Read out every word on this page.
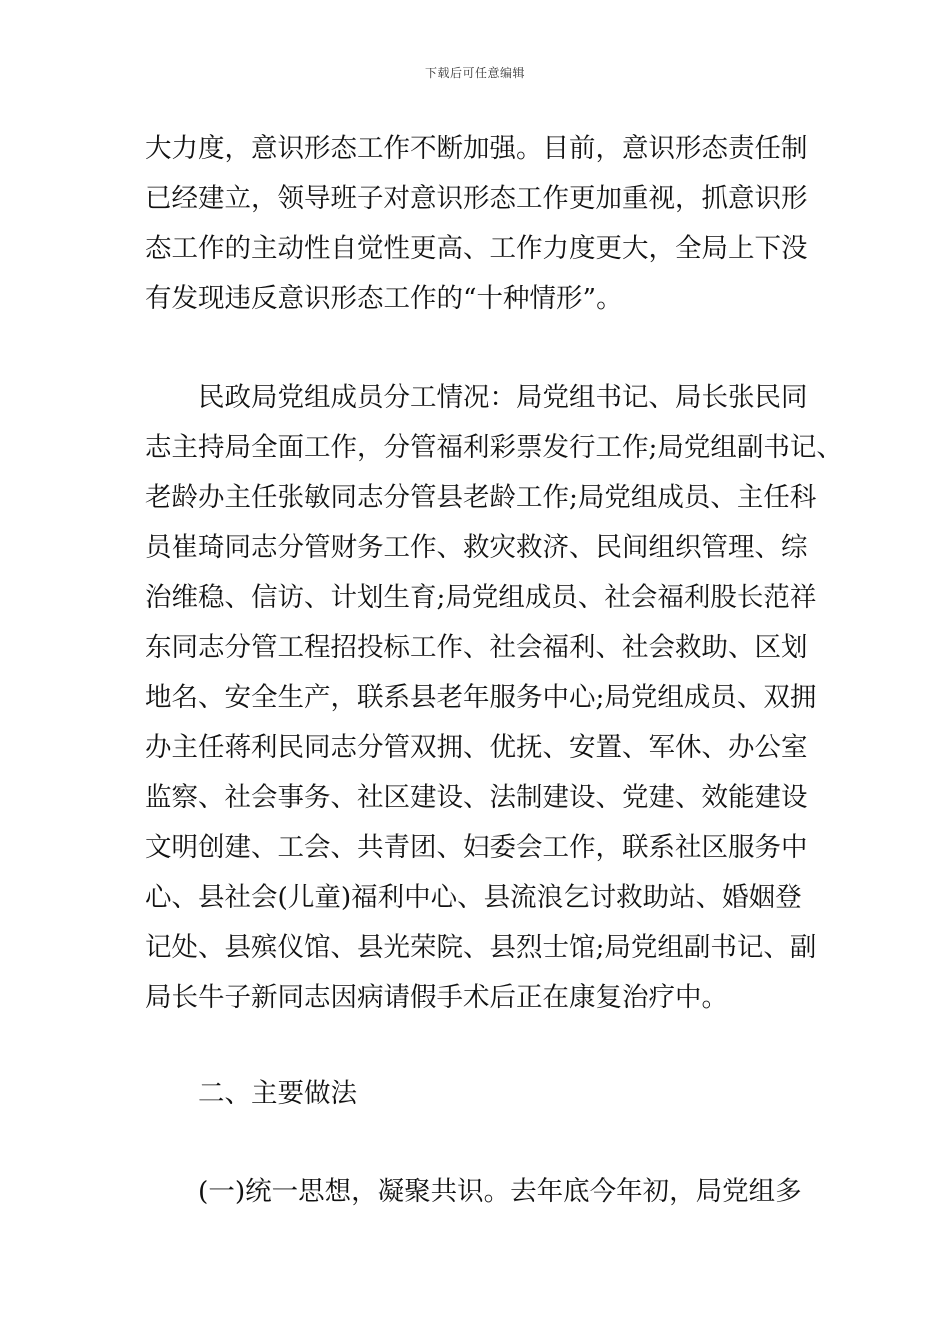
下载后可任意编辑
大力度，意识形态工作不断加强。目前，意识形态责任制
已经建立，领导班子对意识形态工作更加重视，抓意识形
态工作的主动性自觉性更高、工作力度更大，全局上下没
有发现违反意识形态工作的“十种情形”。
民政局党组成员分工情况：局党组书记、局长张民同
志主持局全面工作，分管福利彩票发行工作;局党组副书记、
老龄办主任张敏同志分管县老龄工作;局党组成员、主任科
员崔琦同志分管财务工作、救灾救济、民间组织管理、综
治维稳、信访、计划生育;局党组成员、社会福利股长范祥
东同志分管工程招投标工作、社会福利、社会救助、区划
地名、安全生产，联系县老年服务中心;局党组成员、双拥
办主任蒋利民同志分管双拥、优抚、安置、军休、办公室
监察、社会事务、社区建设、法制建设、党建、效能建设
文明创建、工会、共青团、妇委会工作，联系社区服务中
心、县社会(儿童)福利中心、县流浪乞讨救助站、婚姻登
记处、县殡仪馆、县光荣院、县烈士馆;局党组副书记、副
局长牛子新同志因病请假手术后正在康复治疗中。
二、主要做法
(一)统一思想，凝聚共识。去年底今年初，局党组多
